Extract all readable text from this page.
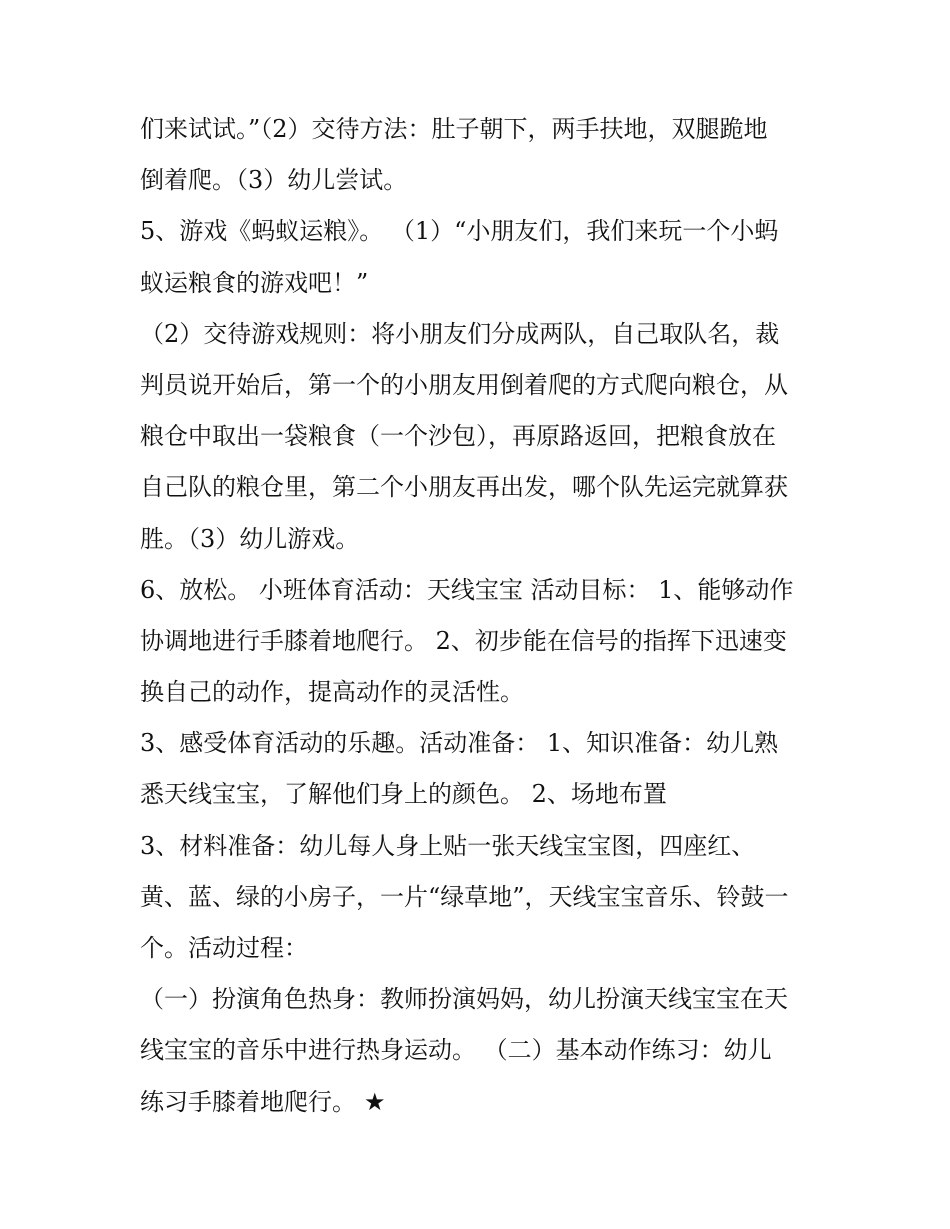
们来试试。”（2）交待方法：肚子朝下，两手扶地，双腿跪地
倒着爬。（3）幼儿尝试。
5、游戏《蚂蚁运粮》。 （1）“小朋友们，我们来玩一个小蚂
蚁运粮食的游戏吧！”
（2）交待游戏规则：将小朋友们分成两队，自己取队名，裁
判员说开始后，第一个的小朋友用倒着爬的方式爬向粮仓，从
粮仓中取出一袋粮食（一个沙包），再原路返回，把粮食放在
自己队的粮仓里，第二个小朋友再出发，哪个队先运完就算获
胜。（3）幼儿游戏。
6、放松。 小班体育活动：天线宝宝 活动目标： 1、能够动作
协调地进行手膝着地爬行。 2、初步能在信号的指挥下迅速变
换自己的动作，提高动作的灵活性。
3、感受体育活动的乐趣。活动准备： 1、知识准备：幼儿熟
悉天线宝宝，了解他们身上的颜色。 2、场地布置
3、材料准备：幼儿每人身上贴一张天线宝宝图，四座红、
黄、蓝、绿的小房子，一片“绿草地”，天线宝宝音乐、铃鼓一
个。活动过程：
（一）扮演角色热身：教师扮演妈妈，幼儿扮演天线宝宝在天
线宝宝的音乐中进行热身运动。 （二）基本动作练习：幼儿
练习手膝着地爬行。 ★
